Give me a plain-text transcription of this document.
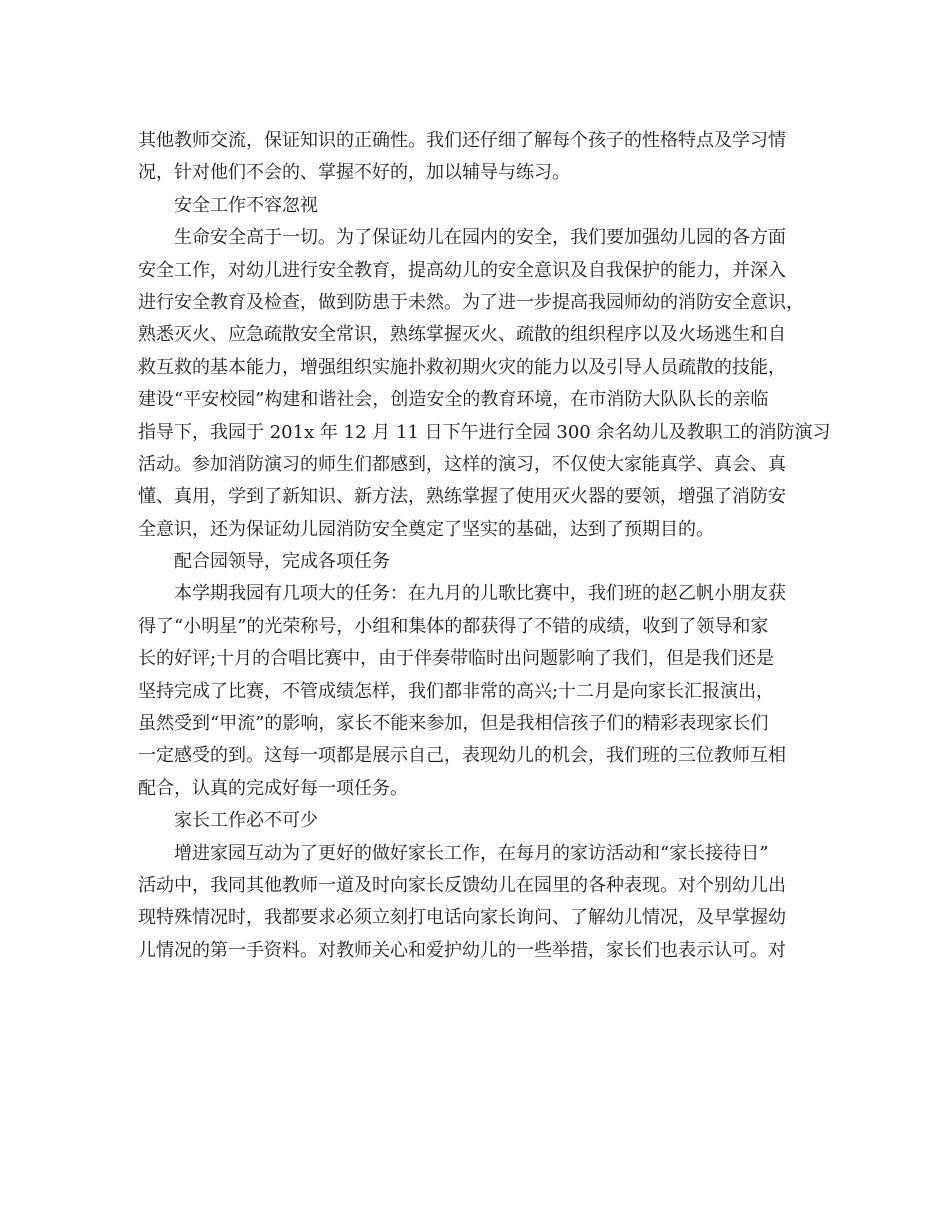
其他教师交流，保证知识的正确性。我们还仔细了解每个孩子的性格特点及学习情
况，针对他们不会的、掌握不好的，加以辅导与练习。
安全工作不容忽视
生命安全高于一切。为了保证幼儿在园内的安全，我们要加强幼儿园的各方面
安全工作，对幼儿进行安全教育，提高幼儿的安全意识及自我保护的能力，并深入
进行安全教育及检查，做到防患于未然。为了进一步提高我园师幼的消防安全意识，
熟悉灭火、应急疏散安全常识，熟练掌握灭火、疏散的组织程序以及火场逃生和自
救互救的基本能力，增强组织实施扑救初期火灾的能力以及引导人员疏散的技能，
建设“平安校园”构建和谐社会，创造安全的教育环境，在市消防大队队长的亲临
指导下，我园于 201x 年 12 月 11 日下午进行全园 300 余名幼儿及教职工的消防演习
活动。参加消防演习的师生们都感到，这样的演习，不仅使大家能真学、真会、真
懂、真用，学到了新知识、新方法，熟练掌握了使用灭火器的要领，增强了消防安
全意识，还为保证幼儿园消防安全奠定了坚实的基础，达到了预期目的。
配合园领导，完成各项任务
本学期我园有几项大的任务：在九月的儿歌比赛中，我们班的赵乙帆小朋友获
得了“小明星”的光荣称号，小组和集体的都获得了不错的成绩，收到了领导和家
长的好评;十月的合唱比赛中，由于伴奏带临时出问题影响了我们，但是我们还是
坚持完成了比赛，不管成绩怎样，我们都非常的高兴;十二月是向家长汇报演出，
虽然受到“甲流”的影响，家长不能来参加，但是我相信孩子们的精彩表现家长们
一定感受的到。这每一项都是展示自己，表现幼儿的机会，我们班的三位教师互相
配合，认真的完成好每一项任务。
家长工作必不可少
增进家园互动为了更好的做好家长工作，在每月的家访活动和“家长接待日”
活动中，我同其他教师一道及时向家长反馈幼儿在园里的各种表现。对个别幼儿出
现特殊情况时，我都要求必须立刻打电话向家长询问、了解幼儿情况，及早掌握幼
儿情况的第一手资料。对教师关心和爱护幼儿的一些举措，家长们也表示认可。对
